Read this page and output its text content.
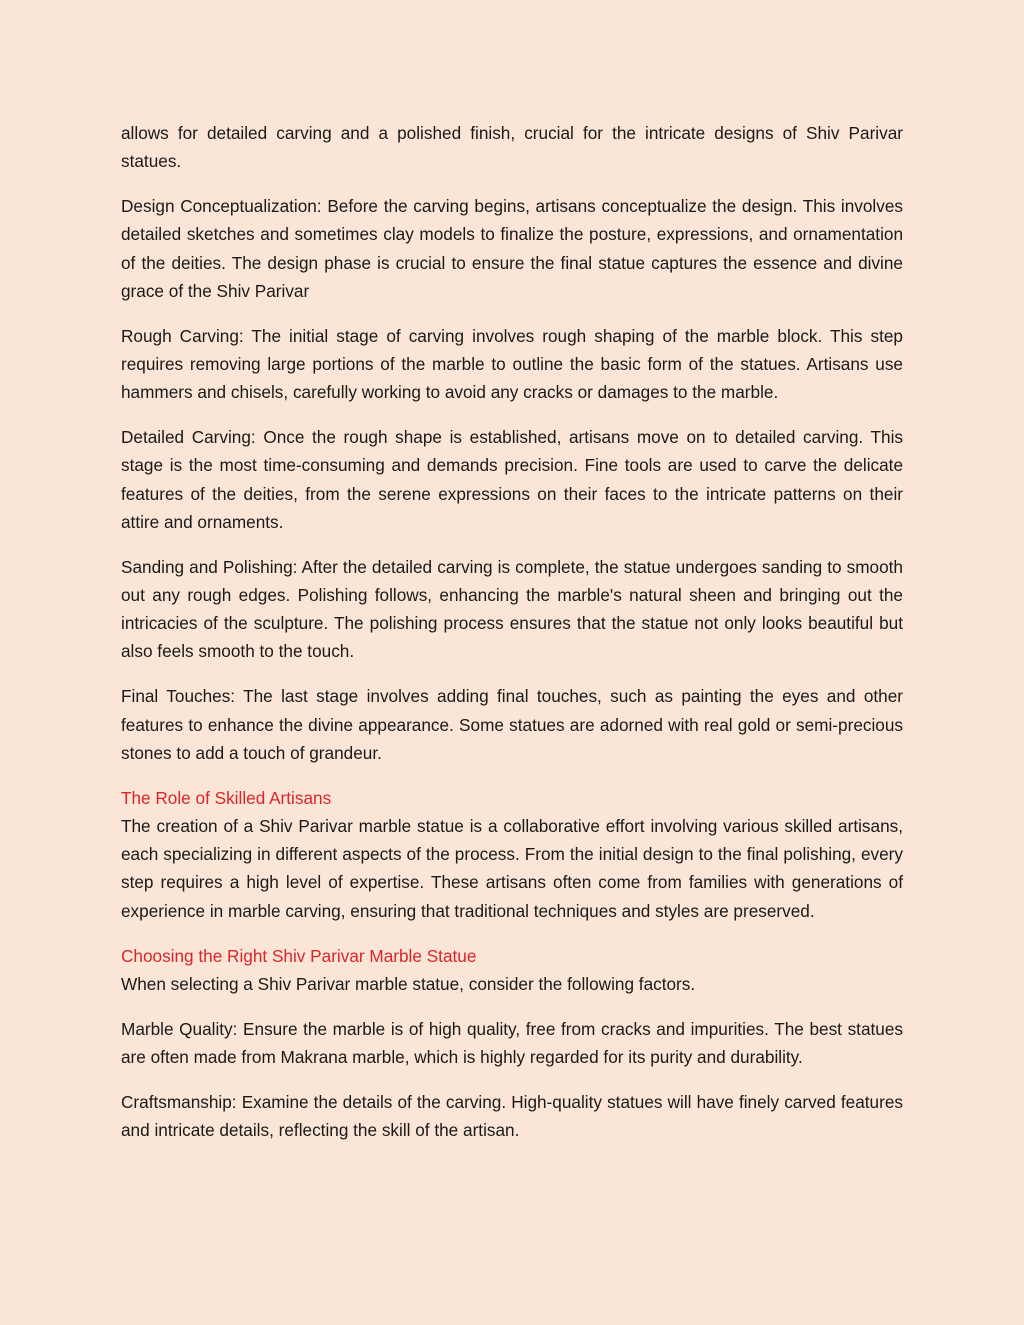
allows for detailed carving and a polished finish, crucial for the intricate designs of Shiv Parivar statues.

Design Conceptualization: Before the carving begins, artisans conceptualize the design. This involves detailed sketches and sometimes clay models to finalize the posture, expressions, and ornamentation of the deities. The design phase is crucial to ensure the final statue captures the essence and divine grace of the Shiv Parivar

Rough Carving: The initial stage of carving involves rough shaping of the marble block. This step requires removing large portions of the marble to outline the basic form of the statues. Artisans use hammers and chisels, carefully working to avoid any cracks or damages to the marble.

Detailed Carving: Once the rough shape is established, artisans move on to detailed carving. This stage is the most time-consuming and demands precision. Fine tools are used to carve the delicate features of the deities, from the serene expressions on their faces to the intricate patterns on their attire and ornaments.

Sanding and Polishing: After the detailed carving is complete, the statue undergoes sanding to smooth out any rough edges. Polishing follows, enhancing the marble's natural sheen and bringing out the intricacies of the sculpture. The polishing process ensures that the statue not only looks beautiful but also feels smooth to the touch.

Final Touches: The last stage involves adding final touches, such as painting the eyes and other features to enhance the divine appearance. Some statues are adorned with real gold or semi-precious stones to add a touch of grandeur.

The Role of Skilled Artisans

The creation of a Shiv Parivar marble statue is a collaborative effort involving various skilled artisans, each specializing in different aspects of the process. From the initial design to the final polishing, every step requires a high level of expertise. These artisans often come from families with generations of experience in marble carving, ensuring that traditional techniques and styles are preserved.

Choosing the Right Shiv Parivar Marble Statue

When selecting a Shiv Parivar marble statue, consider the following factors.

Marble Quality: Ensure the marble is of high quality, free from cracks and impurities. The best statues are often made from Makrana marble, which is highly regarded for its purity and durability.

Craftsmanship: Examine the details of the carving. High-quality statues will have finely carved features and intricate details, reflecting the skill of the artisan.
